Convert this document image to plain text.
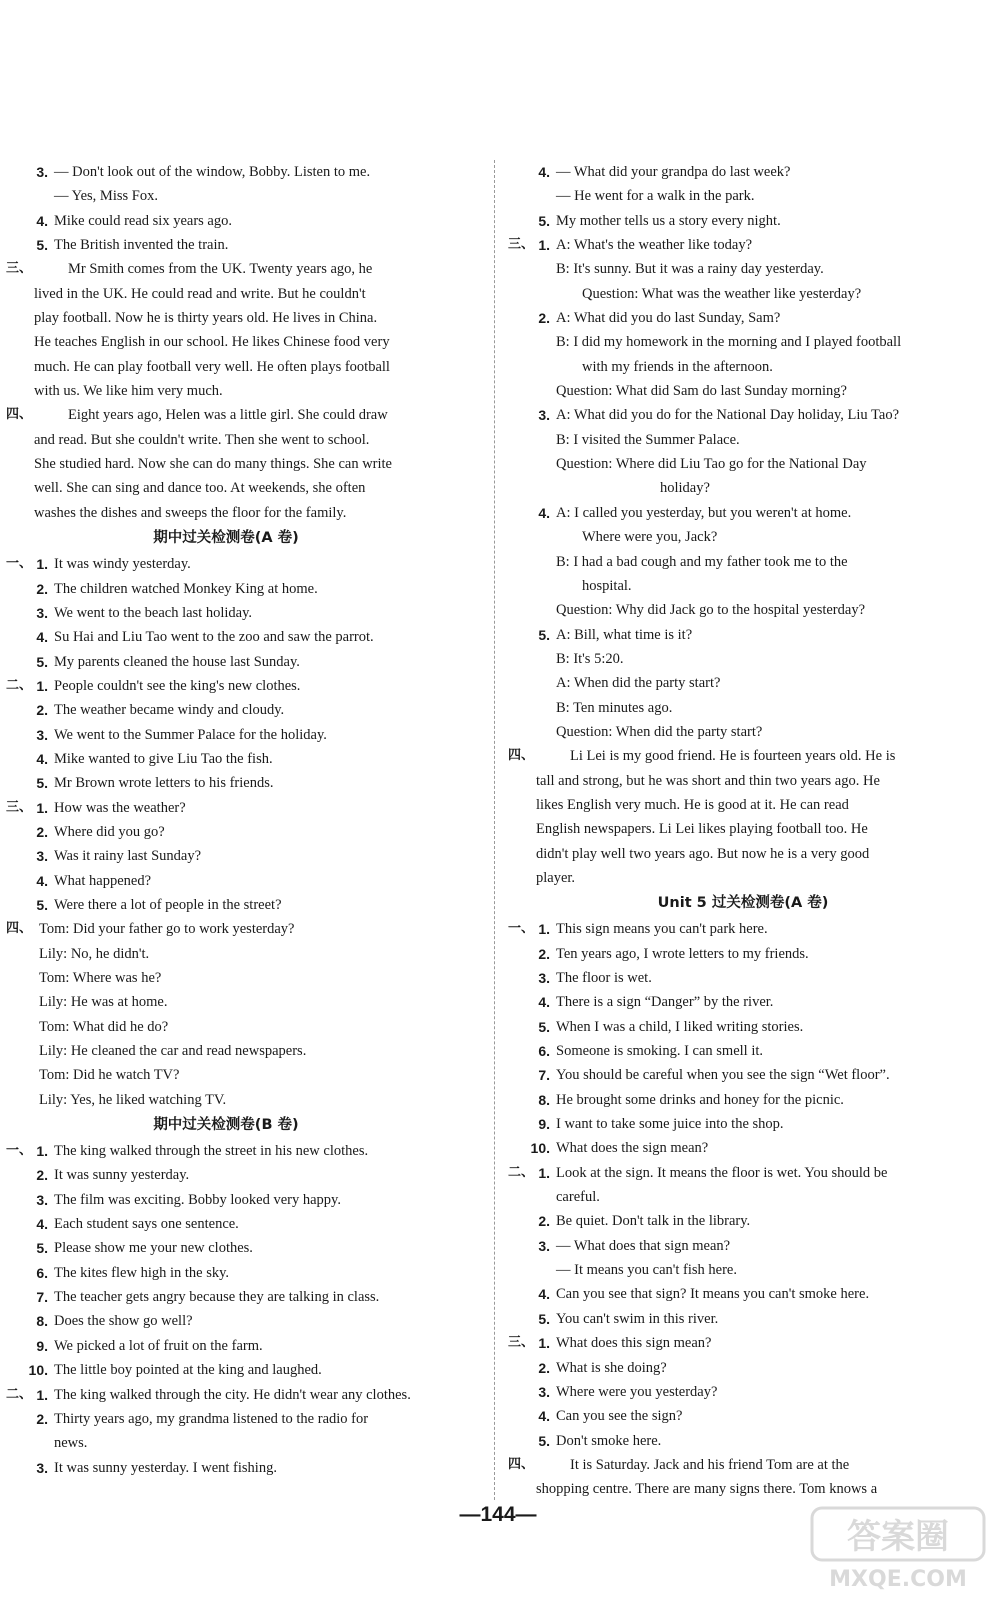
3. — Don't look out of the window, Bobby. Listen to me.
— Yes, Miss Fox.
4. Mike could read six years ago.
5. The British invented the train.
三、 Mr Smith comes from the UK. Twenty years ago, he
lived in the UK. He could read and write. But he couldn't
play football. Now he is thirty years old. He lives in China.
He teaches English in our school. He likes Chinese food very
much. He can play football very well. He often plays football
with us. We like him very much.
四、 Eight years ago, Helen was a little girl. She could draw
and read. But she couldn't write. Then she went to school.
She studied hard. Now she can do many things. She can write
well. She can sing and dance too. At weekends, she often
washes the dishes and sweeps the floor for the family.
期中过关检测卷(A 卷)
一、 1. It was windy yesterday.
2. The children watched Monkey King at home.
3. We went to the beach last holiday.
4. Su Hai and Liu Tao went to the zoo and saw the parrot.
5. My parents cleaned the house last Sunday.
二、 1. People couldn't see the king's new clothes.
2. The weather became windy and cloudy.
3. We went to the Summer Palace for the holiday.
4. Mike wanted to give Liu Tao the fish.
5. Mr Brown wrote letters to his friends.
三、 1. How was the weather?
2. Where did you go?
3. Was it rainy last Sunday?
4. What happened?
5. Were there a lot of people in the street?
四、 Tom: Did your father go to work yesterday?
Lily: No, he didn't.
Tom: Where was he?
Lily: He was at home.
Tom: What did he do?
Lily: He cleaned the car and read newspapers.
Tom: Did he watch TV?
Lily: Yes, he liked watching TV.
期中过关检测卷(B 卷)
一、 1. The king walked through the street in his new clothes.
2. It was sunny yesterday.
3. The film was exciting. Bobby looked very happy.
4. Each student says one sentence.
5. Please show me your new clothes.
6. The kites flew high in the sky.
7. The teacher gets angry because they are talking in class.
8. Does the show go well?
9. We picked a lot of fruit on the farm.
10. The little boy pointed at the king and laughed.
二、 1. The king walked through the city. He didn't wear any clothes.
2. Thirty years ago, my grandma listened to the radio for
news.
3. It was sunny yesterday. I went fishing.
4. — What did your grandpa do last week?
— He went for a walk in the park.
5. My mother tells us a story every night.
三、 1. A: What's the weather like today?
B: It's sunny. But it was a rainy day yesterday.
Question: What was the weather like yesterday?
2. A: What did you do last Sunday, Sam?
B: I did my homework in the morning and I played football
with my friends in the afternoon.
Question: What did Sam do last Sunday morning?
3. A: What did you do for the National Day holiday, Liu Tao?
B: I visited the Summer Palace.
Question: Where did Liu Tao go for the National Day
holiday?
4. A: I called you yesterday, but you weren't at home.
Where were you, Jack?
B: I had a bad cough and my father took me to the
hospital.
Question: Why did Jack go to the hospital yesterday?
5. A: Bill, what time is it?
B: It's 5:20.
A: When did the party start?
B: Ten minutes ago.
Question: When did the party start?
四、 Li Lei is my good friend. He is fourteen years old. He is
tall and strong, but he was short and thin two years ago. He
likes English very much. He is good at it. He can read
English newspapers. Li Lei likes playing football too. He
didn't play well two years ago. But now he is a very good
player.
Unit 5 过关检测卷(A 卷)
一、 1. This sign means you can't park here.
2. Ten years ago, I wrote letters to my friends.
3. The floor is wet.
4. There is a sign “Danger” by the river.
5. When I was a child, I liked writing stories.
6. Someone is smoking. I can smell it.
7. You should be careful when you see the sign “Wet floor”.
8. He brought some drinks and honey for the picnic.
9. I want to take some juice into the shop.
10. What does the sign mean?
二、 1. Look at the sign. It means the floor is wet. You should be
careful.
2. Be quiet. Don't talk in the library.
3. — What does that sign mean?
— It means you can't fish here.
4. Can you see that sign? It means you can't smoke here.
5. You can't swim in this river.
三、 1. What does this sign mean?
2. What is she doing?
3. Where were you yesterday?
4. Can you see the sign?
5. Don't smoke here.
四、 It is Saturday. Jack and his friend Tom are at the
shopping centre. There are many signs there. Tom knows a
—144—
答案圈
MXQE.COM
